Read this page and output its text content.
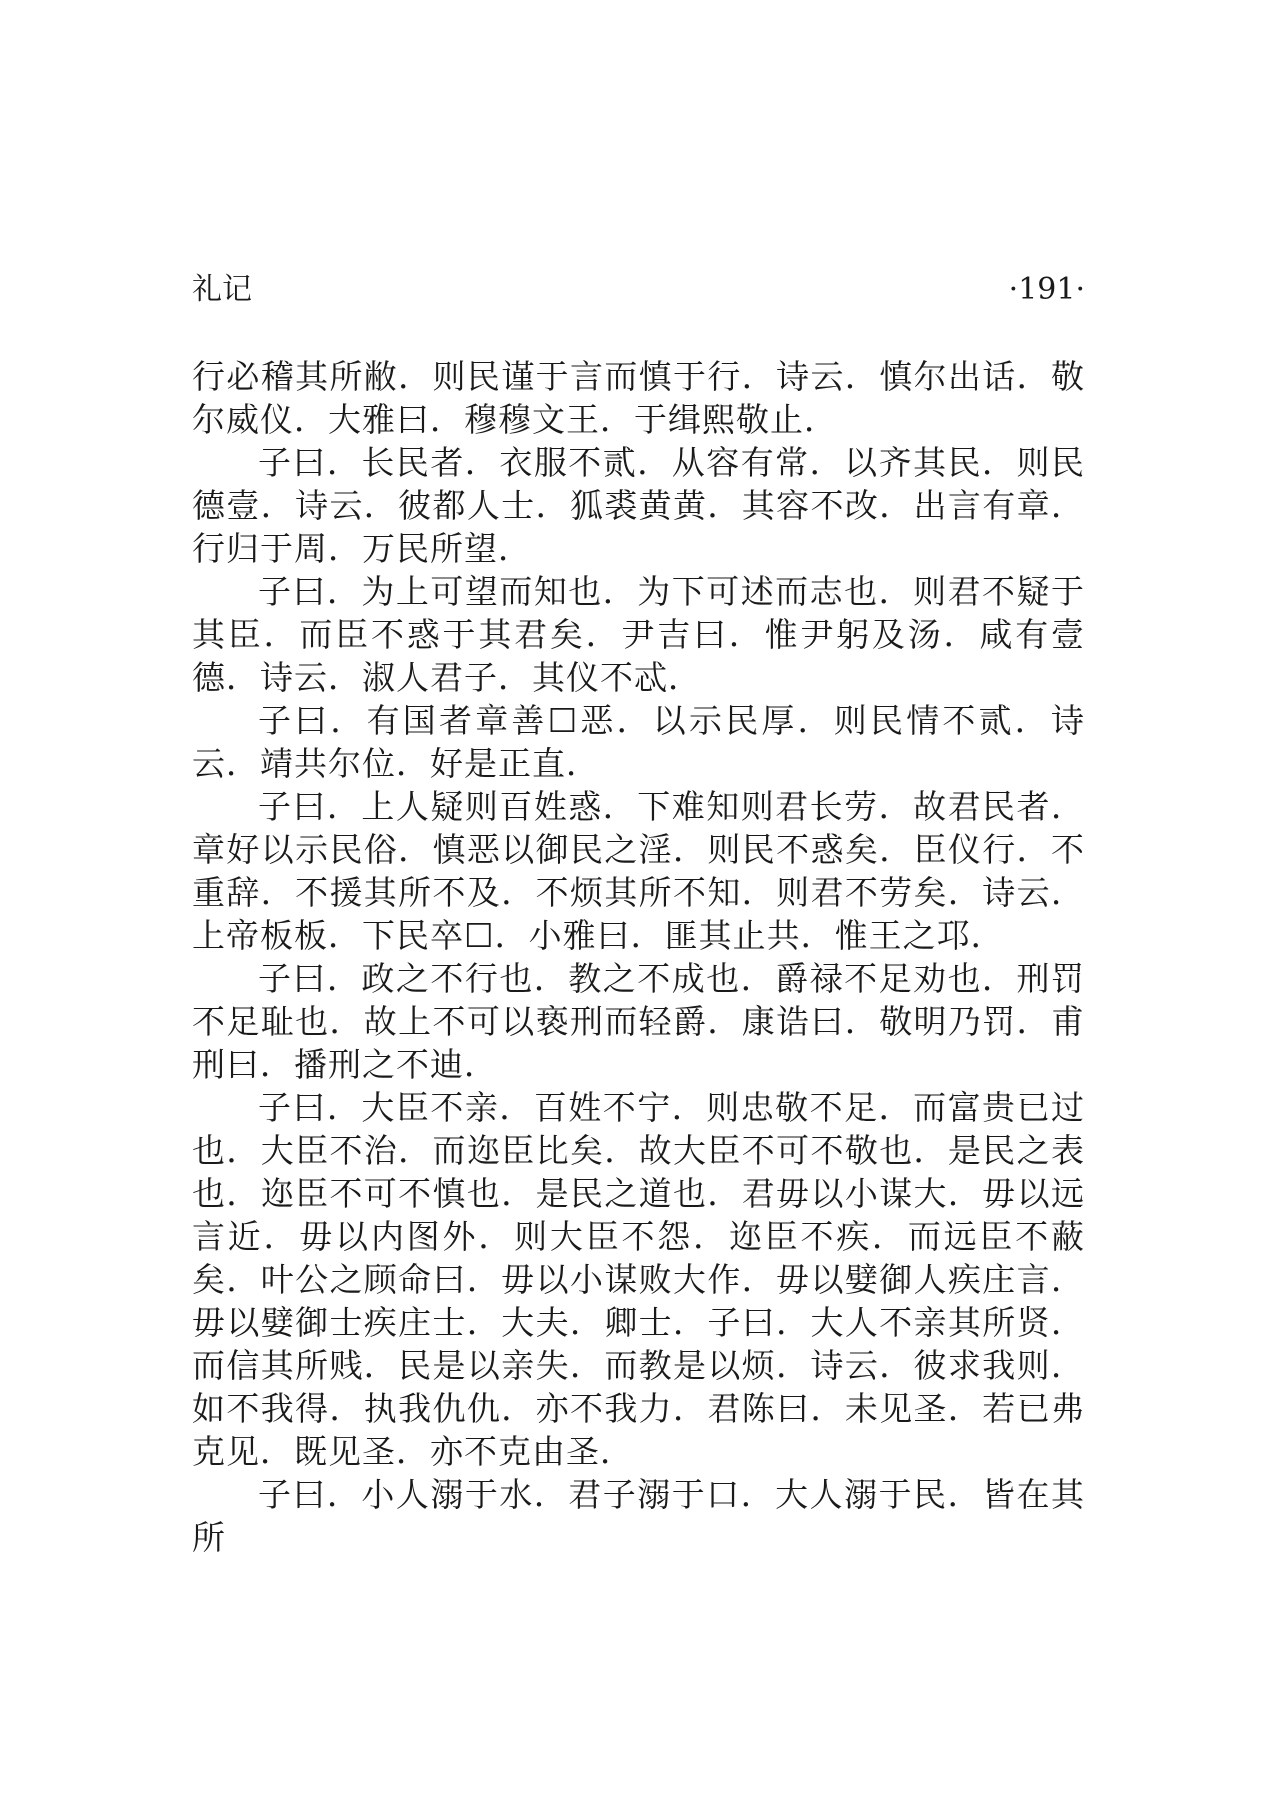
礼记	·191·

行必稽其所敝．则民谨于言而慎于行．诗云．慎尔出话．敬尔威仪．大雅曰．穆穆文王．于缉熙敬止．

子曰．长民者．衣服不贰．从容有常．以齐其民．则民德壹．诗云．彼都人士．狐裘黄黄．其容不改．出言有章．行归于周．万民所望．

子曰．为上可望而知也．为下可述而志也．则君不疑于其臣．而臣不惑于其君矣．尹吉曰．惟尹躬及汤．咸有壹德．诗云．淑人君子．其仪不忒．

子曰．有国者章善☐恶．以示民厚．则民情不贰．诗云．靖共尔位．好是正直．

子曰．上人疑则百姓惑．下难知则君长劳．故君民者．章好以示民俗．慎恶以御民之淫．则民不惑矣．臣仪行．不重辞．不援其所不及．不烦其所不知．则君不劳矣．诗云．上帝板板．下民卒☐．小雅曰．匪其止共．惟王之邛．

子曰．政之不行也．教之不成也．爵禄不足劝也．刑罚不足耻也．故上不可以亵刑而轻爵．康诰曰．敬明乃罚．甫刑曰．播刑之不迪．

子曰．大臣不亲．百姓不宁．则忠敬不足．而富贵已过也．大臣不治．而迩臣比矣．故大臣不可不敬也．是民之表也．迩臣不可不慎也．是民之道也．君毋以小谋大．毋以远言近．毋以内图外．则大臣不怨．迩臣不疾．而远臣不蔽矣．叶公之顾命曰．毋以小谋败大作．毋以嬖御人疾庄言．毋以嬖御士疾庄士．大夫．卿士．子曰．大人不亲其所贤．而信其所贱．民是以亲失．而教是以烦．诗云．彼求我则．如不我得．执我仇仇．亦不我力．君陈曰．未见圣．若已弗克见．既见圣．亦不克由圣．

子曰．小人溺于水．君子溺于口．大人溺于民．皆在其所
